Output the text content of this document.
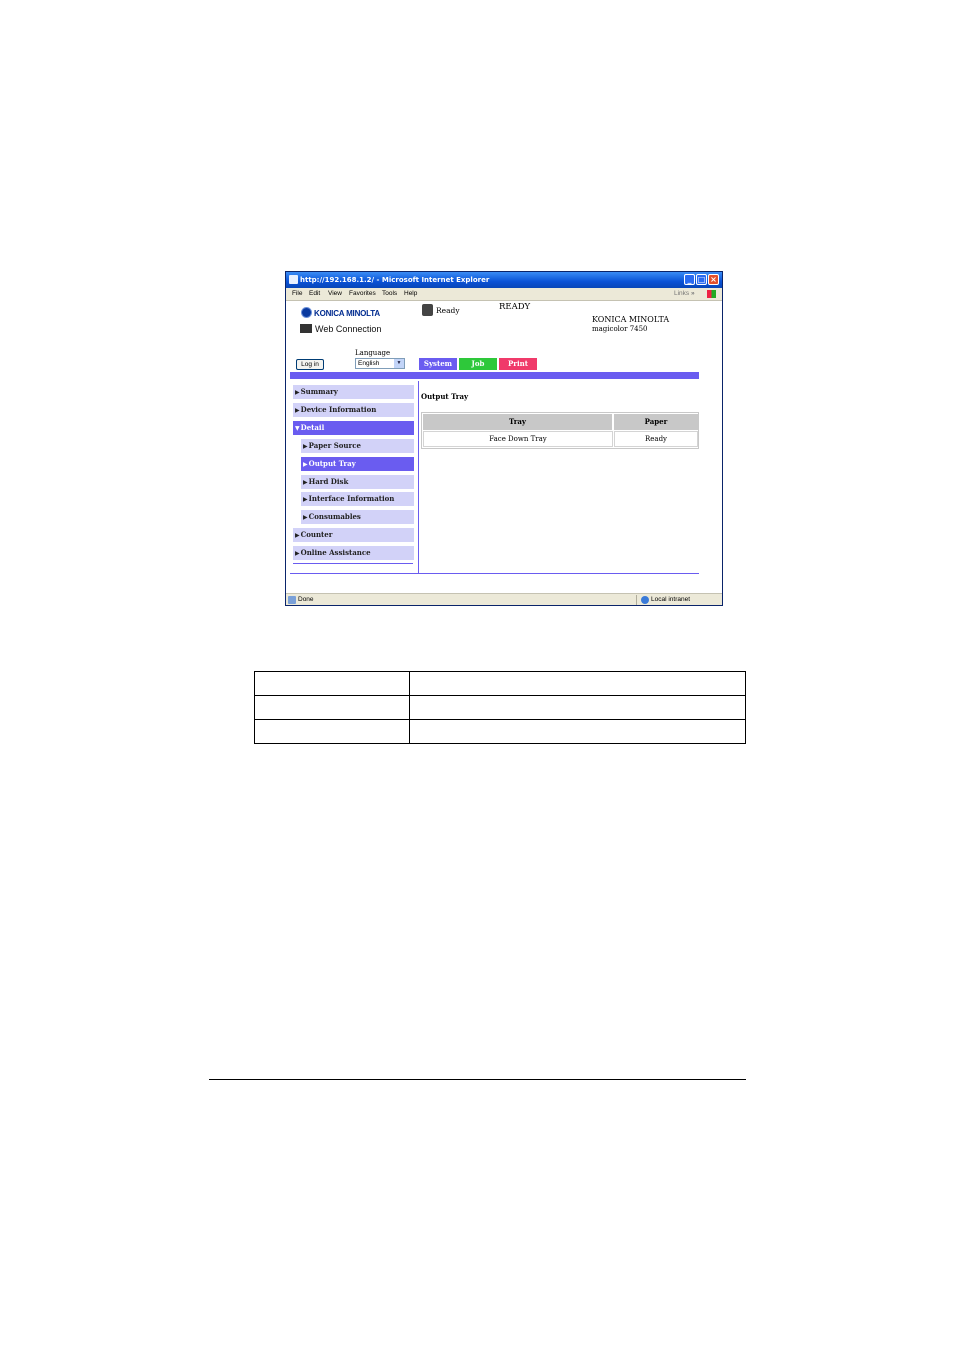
http://192.168.1.2/ - Microsoft Internet Explorer	_ □ ×
File Edit View Favorites Tools Help	Links »
KONICA MINOLTA
Web Connection
Ready	READY
KONICA MINOLTA
magicolor 7450
Language
English	▼
Log in	System	Job	Print
▶Summary
▶Device Information
▼Detail
▶Paper Source
▶Output Tray
▶Hard Disk
▶Interface Information
▶Consumables
▶Counter
▶Online Assistance
Output Tray
Tray	Paper
Face Down Tray	Ready
Done	Local intranet
